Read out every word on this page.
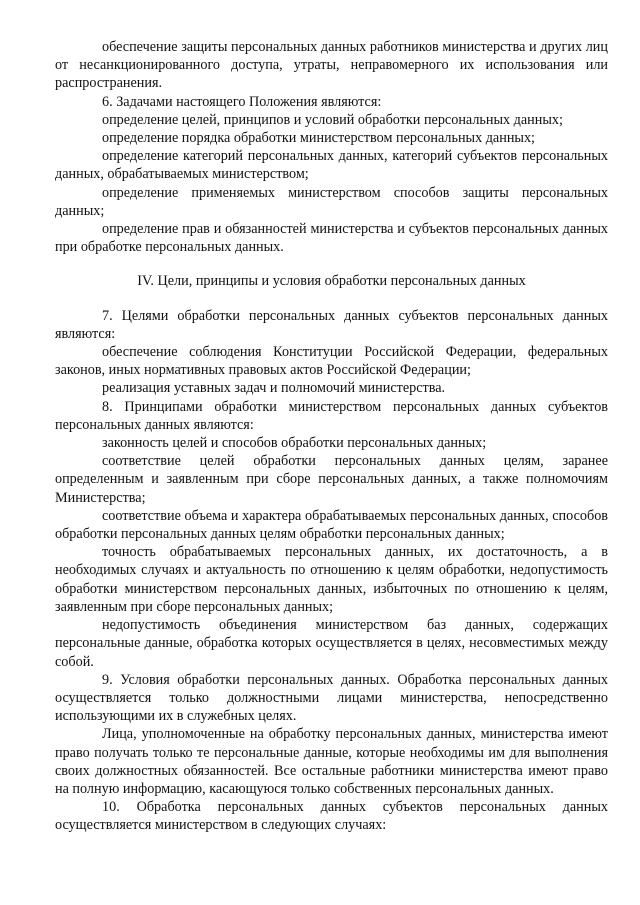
обеспечение защиты персональных данных работников министерства и других лиц от несанкционированного доступа, утраты, неправомерного их использования или распространения.

6. Задачами настоящего Положения являются:

определение целей, принципов и условий обработки персональных данных;

определение порядка обработки министерством персональных данных;

определение категорий персональных данных, категорий субъектов персональных данных, обрабатываемых министерством;

определение применяемых министерством способов защиты персональных данных;

определение прав и обязанностей министерства и субъектов персональных данных при обработке персональных данных.

IV. Цели, принципы и условия обработки персональных данных

7. Целями обработки персональных данных субъектов персональных данных являются:

обеспечение соблюдения Конституции Российской Федерации, федеральных законов, иных нормативных правовых актов Российской Федерации;

реализация уставных задач и полномочий министерства.

8. Принципами обработки министерством персональных данных субъектов персональных данных являются:

законность целей и способов обработки персональных данных;

соответствие целей обработки персональных данных целям, заранее определенным и заявленным при сборе персональных данных, а также полномочиям Министерства;

соответствие объема и характера обрабатываемых персональных данных, способов обработки персональных данных целям обработки персональных данных;

точность обрабатываемых персональных данных, их достаточность, а в необходимых случаях и актуальность по отношению к целям обработки, недопустимость обработки министерством персональных данных, избыточных по отношению к целям, заявленным при сборе персональных данных;

недопустимость объединения министерством баз данных, содержащих персональные данные, обработка которых осуществляется в целях, несовместимых между собой.

9. Условия обработки персональных данных. Обработка персональных данных осуществляется только должностными лицами министерства, непосредственно использующими их в служебных целях.

Лица, уполномоченные на обработку персональных данных, министерства имеют право получать только те персональные данные, которые необходимы им для выполнения своих должностных обязанностей. Все остальные работники министерства имеют право на полную информацию, касающуюся только собственных персональных данных.

10. Обработка персональных данных субъектов персональных данных осуществляется министерством в следующих случаях:
